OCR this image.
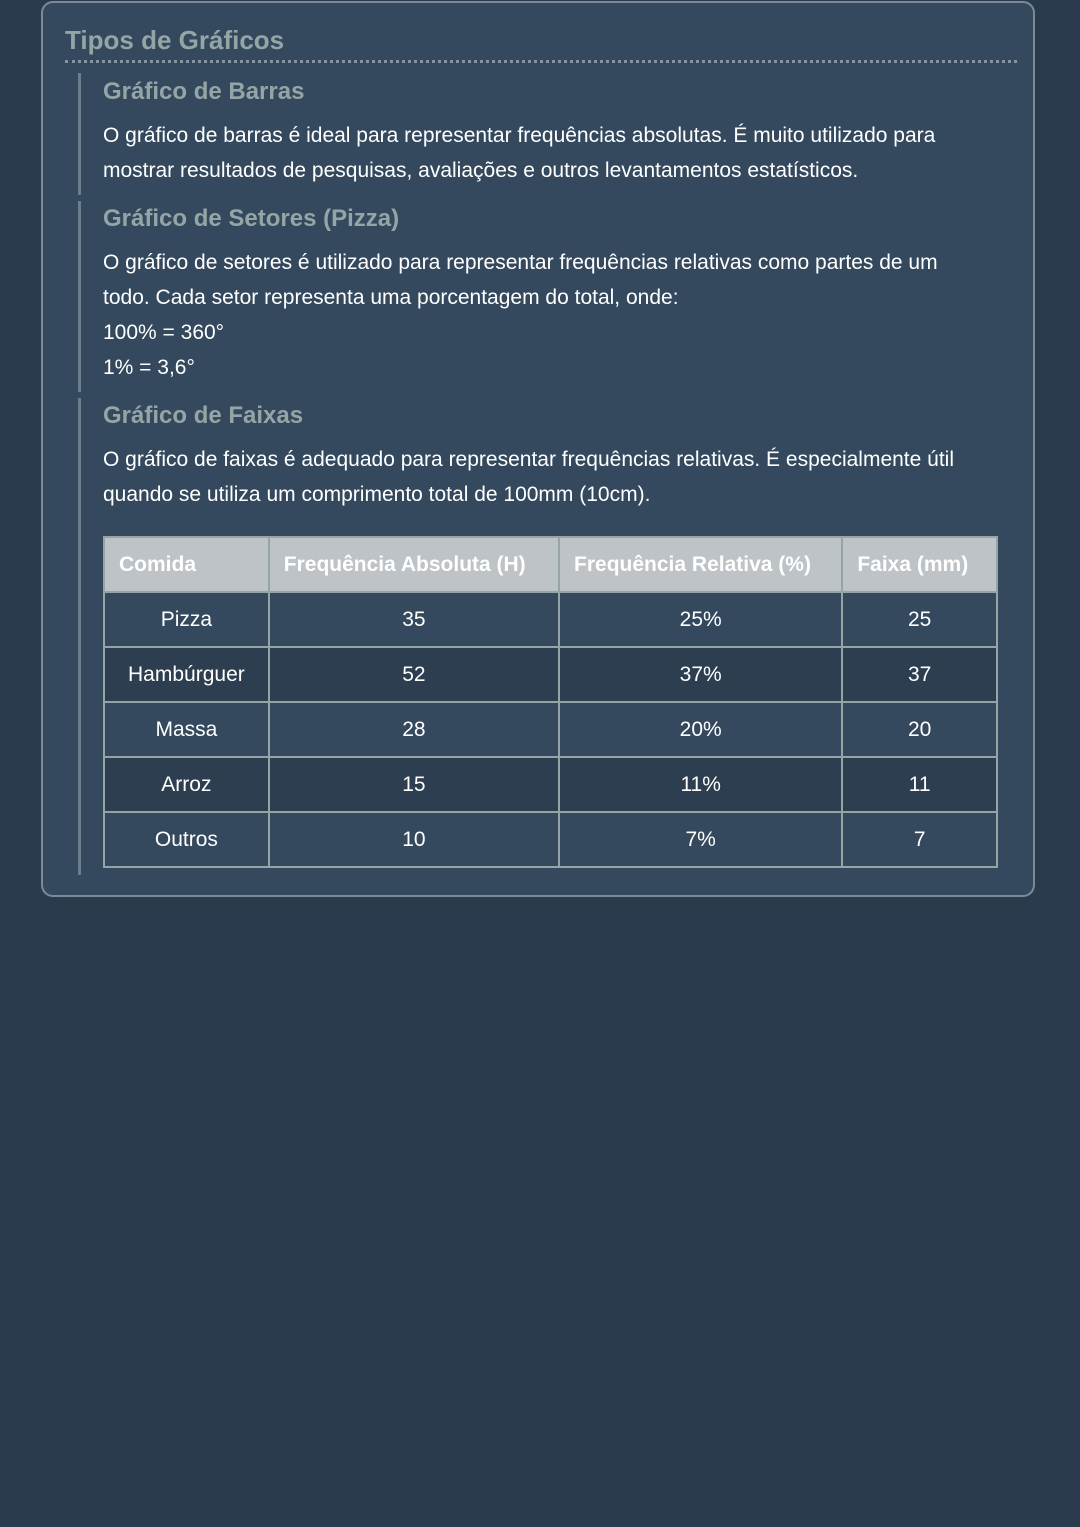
Tipos de Gráficos
Gráfico de Barras

O gráfico de barras é ideal para representar frequências absolutas. É muito utilizado para
mostrar resultados de pesquisas, avaliações e outros levantamentos estatísticos.

Gráfico de Setores (Pizza)

O gráfico de setores é utilizado para representar frequências relativas como partes de um
todo. Cada setor representa uma porcentagem do total, onde:
100% = 360°
1% = 3,6°

Gráfico de Faixas

O gráfico de faixas é adequado para representar frequências relativas. É especialmente útil
quando se utiliza um comprimento total de 100mm (10cm).

Comida	Frequência Absoluta (H)	Frequência Relativa (%)	Faixa (mm)
Pizza	35	25%	25
Hambúrguer	52	37%	37
Massa	28	20%	20
Arroz	15	11%	11
Outros	10	7%	7
